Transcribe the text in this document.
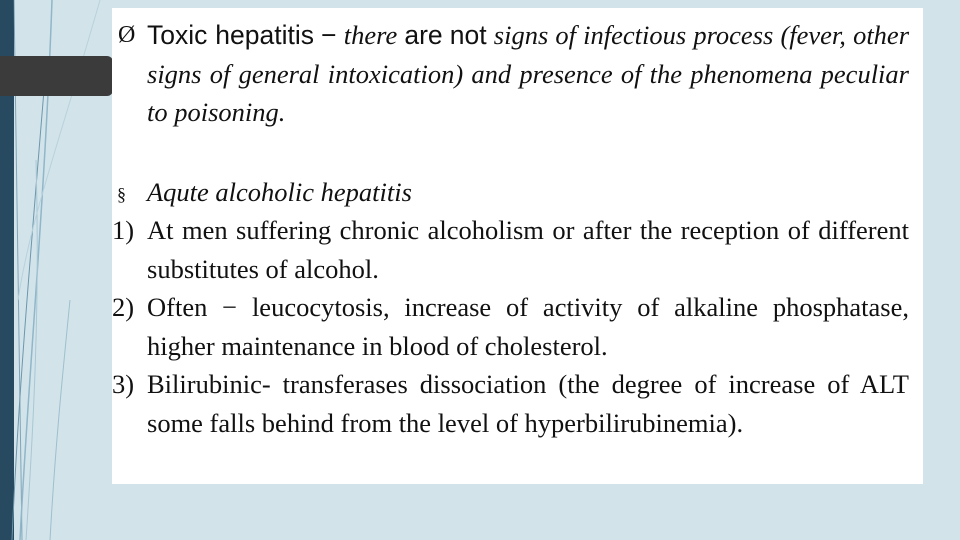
Ø Toxic hepatitis − there are not signs of infectious process (fever, other signs of general intoxication) and presence of the phenomena peculiar to poisoning.

§ Aqute alcoholic hepatitis

1) At men suffering chronic alcoholism or after the reception of different substitutes of alcohol.
2) Often − leucocytosis, increase of activity of alkaline phosphatase, higher maintenance in blood of cholesterol.
3) Bilirubinic- transferases dissociation (the degree of increase of ALT some falls behind from the level of hyperbilirubinemia).
